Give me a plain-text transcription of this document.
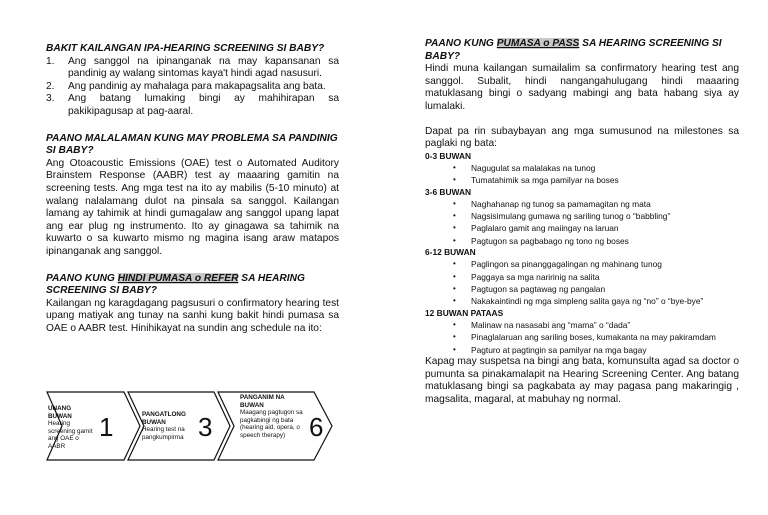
BAKIT KAILANGAN IPA-HEARING SCREENING SI BABY?
1. Ang sanggol na ipinanganak na may kapansanan sa pandinig ay walang sintomas kaya't hindi agad nasusuri.
2. Ang pandinig ay mahalaga para makapagsalita ang bata.
3. Ang batang lumaking bingi ay mahihirapan sa pakikipagusap at pag-aaral.
PAANO MALALAMAN KUNG MAY PROBLEMA SA PANDINIG SI BABY?

Ang Otoacoustic Emissions (OAE) test o Automated Auditory Brainstem Response (AABR) test ay maaaring gamitin na screening tests. Ang mga test na ito ay mabilis (5-10 minuto) at walang nalalamang dulot na pinsala sa sanggol. Kailangan lamang ay tahimik at hindi gumagalaw ang sanggol upang lapat ang ear plug ng instrumento. Ito ay ginagawa sa tahimik na kuwarto o sa kuwarto mismo ng magina isang araw matapos ipinanganak ang sanggol.

PAANO KUNG HINDI PUMASA o REFER SA HEARING SCREENING SI BABY?

Kailangan ng karagdagang pagsusuri o confirmatory hearing test upang matiyak ang tunay na sanhi kung bakit hindi pumasa sa OAE o AABR test. Hinihikayat na sundin ang schedule na ito:

UNANG BUWAN
Hearing screening gamit ang OAE o AABR
1	PANGATLONG BUWAN
Hearing test na pangkumpirma 3
PANGANIM NA BUWAN
Maagang pagtugon sa pagkabingi ng bata (hearing aid, opera, o speech therapy) 6
PAANO KUNG PUMASA o PASS SA HEARING SCREENING SI BABY?

Hindi muna kailangan sumailalim sa confirmatory hearing test ang sanggol. Subalit, hindi nangangahulugang hindi maaaring matuklasang bingi o sadyang mabingi ang bata habang siya ay lumalaki.

Dapat pa rin subaybayan ang mga sumusunod na milestones sa paglaki ng bata:

0-3 BUWAN
• Nagugulat sa malalakas na tunog
• Tumatahimik sa mga pamilyar na boses
3-6 BUWAN
• Naghahanap ng tunog sa pamamagitan ng mata
• Nagsisimulang gumawa ng sariling tunog o “babbling”
• Paglalaro gamit ang maiingay na laruan
• Pagtugon sa pagbabago ng tono ng boses
6-12 BUWAN
• Paglingon sa pinanggagalingan ng mahinang tunog
• Paggaya sa mga naririnig na salita
• Pagtugon sa pagtawag ng pangalan
• Nakakaintindi ng mga simpleng salita gaya ng “no” o “bye-bye”
12 BUWAN PATAAS
• Malinaw na nasasabi ang “mama” o “dada”
• Pinaglalaruan ang sariling boses, kumakanta na may pakiramdam
• Pagturo at pagtingin sa pamilyar na mga bagay

Kapag may suspetsa na bingi ang bata, komunsulta agad sa doctor o pumunta sa pinakamalapit na Hearing Screening Center. Ang batang matuklasang bingi sa pagkabata ay may pagasa pang makaringig , magsalita, magaral, at mabuhay ng normal.
